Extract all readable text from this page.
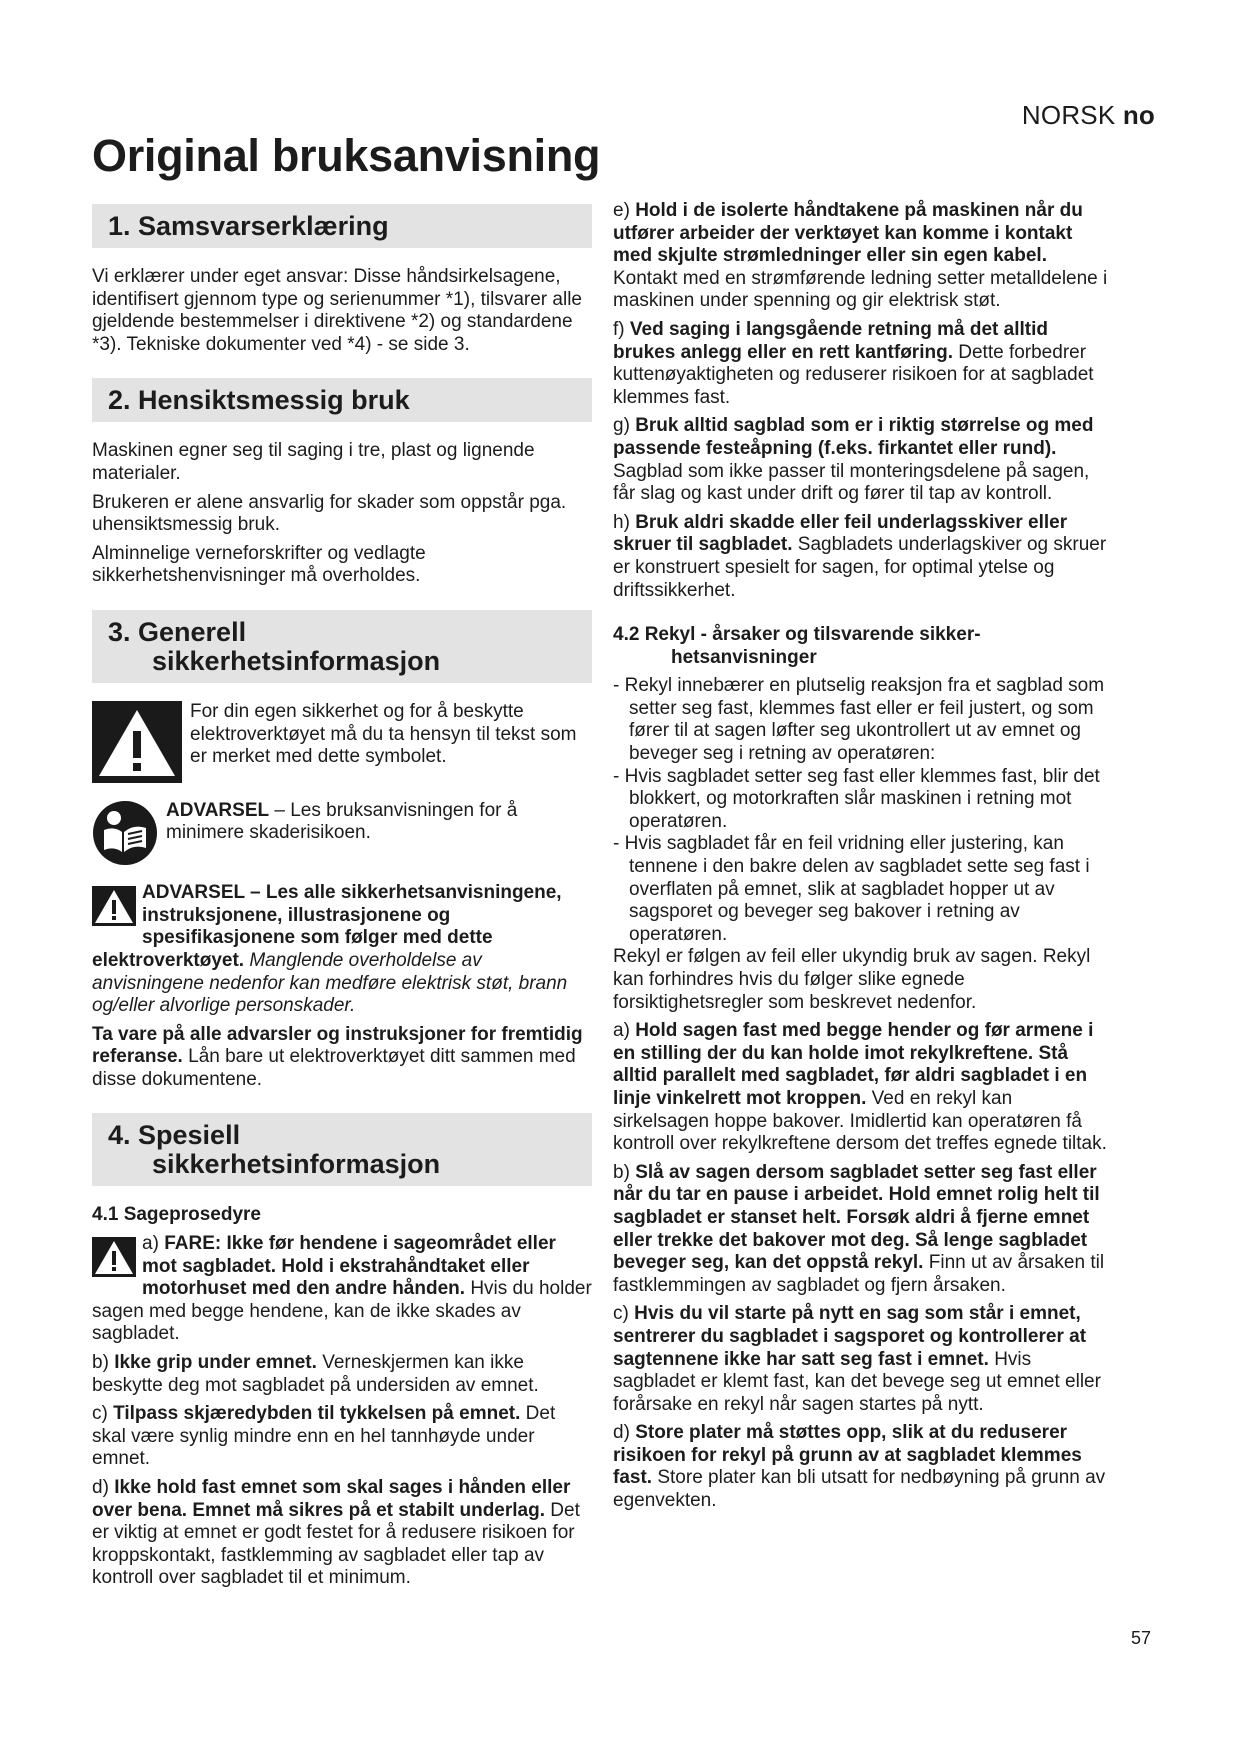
NORSK no
Original bruksanvisning
1. Samsvarserklæring

Vi erklærer under eget ansvar: Disse håndsirkelsagene, identifisert gjennom type og serienummer *1), tilsvarer alle gjeldende bestemmelser i direktivene *2) og standardene *3). Tekniske dokumenter ved *4) - se side 3.

2. Hensiktsmessig bruk

Maskinen egner seg til saging i tre, plast og lignende materialer.

Brukeren er alene ansvarlig for skader som oppstår pga. uhensiktsmessig bruk.

Alminnelige verneforskrifter og vedlagte sikkerhetshenvisninger må overholdes.

3. Generell
sikkerhetsinformasjon
For din egen sikkerhet og for å beskytte elektroverktøyet må du ta hensyn til tekst som er merket med dette symbolet.
ADVARSEL – Les bruksanvisningen for å minimere skaderisikoen.

ADVARSEL – Les alle sikkerhetsanvisningene, instruksjonene, illustrasjonene og spesifikasjonene som følger med dette elektroverktøyet. Manglende overholdelse av anvisningene nedenfor kan medføre elektrisk støt, brann og/eller alvorlige personskader.

Ta vare på alle advarsler og instruksjoner for fremtidig referanse. Lån bare ut elektroverktøyet ditt sammen med disse dokumentene.

4. Spesiell
sikkerhetsinformasjon
4.1 Sageprosedyre

a) FARE: Ikke før hendene i sageområdet eller mot sagbladet. Hold i ekstrahåndtaket eller motorhuset med den andre hånden. Hvis du holder sagen med begge hendene, kan de ikke skades av sagbladet.

b) Ikke grip under emnet. Verneskjermen kan ikke beskytte deg mot sagbladet på undersiden av emnet.

c) Tilpass skjæredybden til tykkelsen på emnet. Det skal være synlig mindre enn en hel tannhøyde under emnet.

d) Ikke hold fast emnet som skal sages i hånden eller over bena. Emnet må sikres på et stabilt underlag. Det er viktig at emnet er godt festet for å redusere risikoen for kroppskontakt, fastklemming av sagbladet eller tap av kontroll over sagbladet til et minimum.

e) Hold i de isolerte håndtakene på maskinen når du utfører arbeider der verktøyet kan komme i kontakt med skjulte strømledninger eller sin egen kabel. Kontakt med en strømførende ledning setter metalldelene i maskinen under spenning og gir elektrisk støt.

f) Ved saging i langsgående retning må det alltid brukes anlegg eller en rett kantføring. Dette forbedrer kuttenøyaktigheten og reduserer risikoen for at sagbladet klemmes fast.

g) Bruk alltid sagblad som er i riktig størrelse og med passende festeåpning (f.eks. firkantet eller rund). Sagblad som ikke passer til monteringsdelene på sagen, får slag og kast under drift og fører til tap av kontroll.

h) Bruk aldri skadde eller feil underlagsskiver eller skruer til sagbladet. Sagbladets underlagskiver og skruer er konstruert spesielt for sagen, for optimal ytelse og driftssikkerhet.

4.2 Rekyl - årsaker og tilsvarende sikker-
hetsanvisninger

- Rekyl innebærer en plutselig reaksjon fra et sagblad som setter seg fast, klemmes fast eller er feil justert, og som fører til at sagen løfter seg ukontrollert ut av emnet og beveger seg i retning av operatøren:

- Hvis sagbladet setter seg fast eller klemmes fast, blir det blokkert, og motorkraften slår maskinen i retning mot operatøren.

- Hvis sagbladet får en feil vridning eller justering, kan tennene i den bakre delen av sagbladet sette seg fast i overflaten på emnet, slik at sagbladet hopper ut av sagsporet og beveger seg bakover i retning av operatøren.

Rekyl er følgen av feil eller ukyndig bruk av sagen. Rekyl kan forhindres hvis du følger slike egnede forsiktighetsregler som beskrevet nedenfor.

a) Hold sagen fast med begge hender og før armene i en stilling der du kan holde imot rekylkreftene. Stå alltid parallelt med sagbladet, før aldri sagbladet i en linje vinkelrett mot kroppen. Ved en rekyl kan sirkelsagen hoppe bakover. Imidlertid kan operatøren få kontroll over rekylkreftene dersom det treffes egnede tiltak.

b) Slå av sagen dersom sagbladet setter seg fast eller når du tar en pause i arbeidet. Hold emnet rolig helt til sagbladet er stanset helt. Forsøk aldri å fjerne emnet eller trekke det bakover mot deg. Så lenge sagbladet beveger seg, kan det oppstå rekyl. Finn ut av årsaken til fastklemmingen av sagbladet og fjern årsaken.

c) Hvis du vil starte på nytt en sag som står i emnet, sentrerer du sagbladet i sagsporet og kontrollerer at sagtennene ikke har satt seg fast i emnet. Hvis sagbladet er klemt fast, kan det bevege seg ut emnet eller forårsake en rekyl når sagen startes på nytt.

d) Store plater må støttes opp, slik at du reduserer risikoen for rekyl på grunn av at sagbladet klemmes fast. Store plater kan bli utsatt for nedbøyning på grunn av egenvekten.

57
